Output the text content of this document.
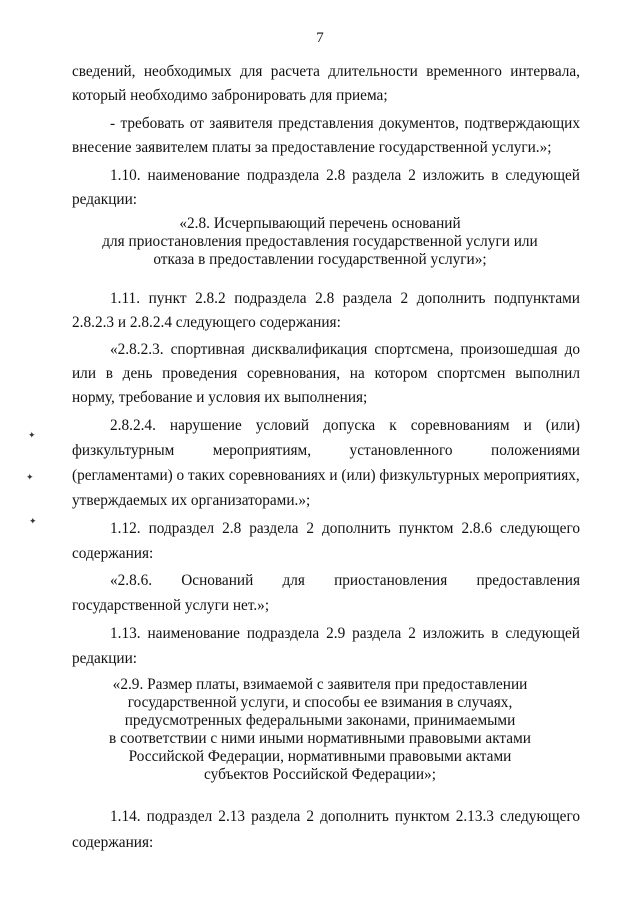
7
сведений, необходимых для расчета длительности временного интервала,
который необходимо забронировать для приема;
- требовать от заявителя представления документов, подтверждающих
внесение заявителем платы за предоставление государственной услуги.»;
1.10. наименование подраздела 2.8 раздела 2 изложить в следующей
редакции:
«2.8. Исчерпывающий перечень оснований
для приостановления предоставления государственной услуги или
отказа в предоставлении государственной услуги»;
1.11. пункт 2.8.2 подраздела 2.8 раздела 2 дополнить подпунктами
2.8.2.3 и 2.8.2.4 следующего содержания:
«2.8.2.3. спортивная дисквалификация спортсмена, произошедшая до
или в день проведения соревнования, на котором спортсмен выполнил
норму, требование и условия их выполнения;
2.8.2.4. нарушение условий допуска к соревнованиям и (или)
физкультурным мероприятиям, установленного положениями
(регламентами) о таких соревнованиях и (или) физкультурных мероприятиях,
утверждаемых их организаторами.»;
1.12. подраздел 2.8 раздела 2 дополнить пунктом 2.8.6 следующего
содержания:
«2.8.6. Оснований для приостановления предоставления
государственной услуги нет.»;
1.13. наименование подраздела 2.9 раздела 2 изложить в следующей
редакции:
«2.9. Размер платы, взимаемой с заявителя при предоставлении
государственной услуги, и способы ее взимания в случаях,
предусмотренных федеральными законами, принимаемыми
в соответствии с ними иными нормативными правовыми актами
Российской Федерации, нормативными правовыми актами
субъектов Российской Федерации»;
1.14. подраздел 2.13 раздела 2 дополнить пунктом 2.13.3 следующего
содержания:
✦
✦
✦
